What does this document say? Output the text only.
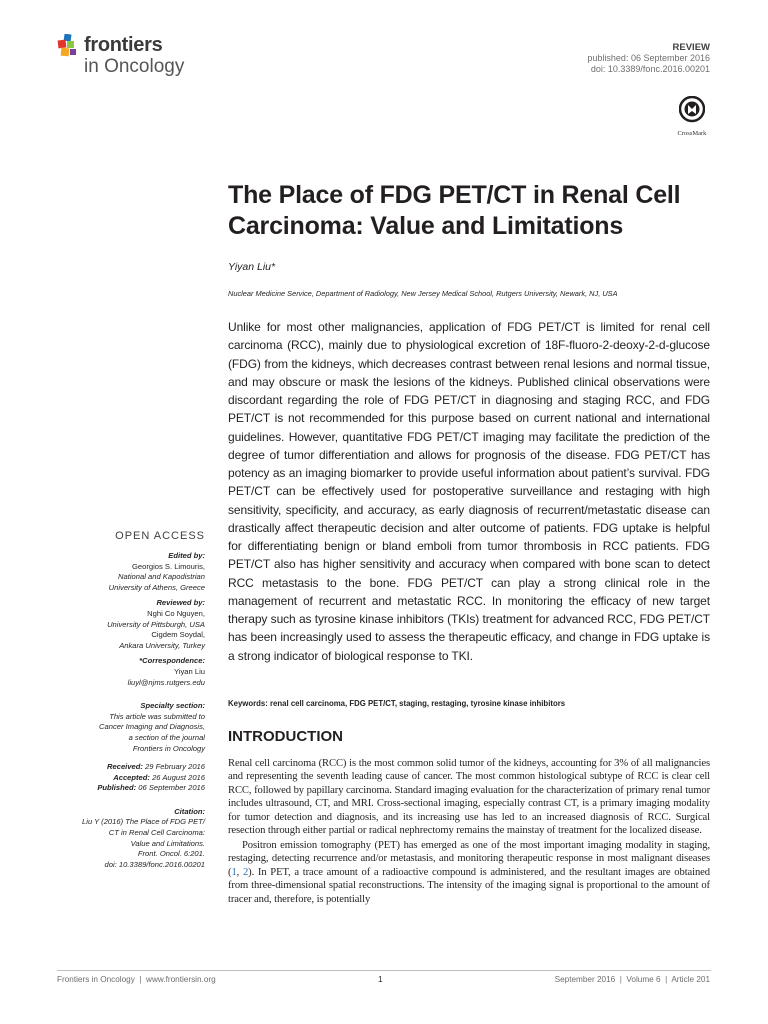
frontiers
in Oncology
REVIEW
published: 06 September 2016
doi: 10.3389/fonc.2016.00201
CrossMark
The Place of FDG PET/CT in Renal Cell Carcinoma: Value and Limitations
Yiyan Liu*
Nuclear Medicine Service, Department of Radiology, New Jersey Medical School, Rutgers University, Newark, NJ, USA
Unlike for most other malignancies, application of FDG PET/CT is limited for renal cell carcinoma (RCC), mainly due to physiological excretion of 18F-fluoro-2-deoxy-2-d-glucose (FDG) from the kidneys, which decreases contrast between renal lesions and normal tissue, and may obscure or mask the lesions of the kidneys. Published clinical observations were discordant regarding the role of FDG PET/CT in diagnosing and staging RCC, and FDG PET/CT is not recommended for this purpose based on current national and international guidelines. However, quantitative FDG PET/CT imaging may facilitate the prediction of the degree of tumor differentiation and allows for prognosis of the disease. FDG PET/CT has potency as an imaging biomarker to provide useful information about patient’s survival. FDG PET/CT can be effectively used for postoperative surveillance and restaging with high sensitivity, specificity, and accuracy, as early diagnosis of recurrent/metastatic disease can drastically affect therapeutic decision and alter outcome of patients. FDG uptake is helpful for differentiating benign or bland emboli from tumor thrombosis in RCC patients. FDG PET/CT also has higher sensitivity and accuracy when compared with bone scan to detect RCC metastasis to the bone. FDG PET/CT can play a strong clinical role in the management of recurrent and metastatic RCC. In monitoring the efficacy of new target therapy such as tyrosine kinase inhibitors (TKIs) treatment for advanced RCC, FDG PET/CT has been increasingly used to assess the therapeutic efficacy, and change in FDG uptake is a strong indicator of biological response to TKI.
Keywords: renal cell carcinoma, FDG PET/CT, staging, restaging, tyrosine kinase inhibitors
INTRODUCTION

Renal cell carcinoma (RCC) is the most common solid tumor of the kidneys, accounting for 3% of all malignancies and representing the seventh leading cause of cancer. The most common histological subtype of RCC is clear cell RCC, followed by papillary carcinoma. Standard imaging evaluation for the characterization of primary renal tumor includes ultrasound, CT, and MRI. Cross-sectional imaging, especially contrast CT, is a primary imaging modality for tumor detection and diagnosis, and its increasing use has led to an increased diagnosis of RCC. Surgical resection through either partial or radical nephrectomy remains the mainstay of treatment for the localized disease.

Positron emission tomography (PET) has emerged as one of the most important imaging modality in staging, restaging, detecting recurrence and/or metastasis, and monitoring therapeutic response in most malignant diseases (1, 2). In PET, a trace amount of a radioactive compound is administered, and the resultant images are obtained from three-dimensional spatial reconstructions. The intensity of the imaging signal is proportional to the amount of tracer and, therefore, is potentially

OPEN ACCESS
Edited by:
Georgios S. Limouris,
National and Kapodistrian
University of Athens, Greece
Reviewed by:
Nghi Co Nguyen,
University of Pittsburgh, USA
Cigdem Soydal,
Ankara University, Turkey
*Correspondence:
Yiyan Liu
liuyl@njms.rutgers.edu
Specialty section:
This article was submitted to
Cancer Imaging and Diagnosis,
a section of the journal
Frontiers in Oncology
Received: 29 February 2016
Accepted: 26 August 2016
Published: 06 September 2016
Citation:
Liu Y (2016) The Place of FDG PET/
CT in Renal Cell Carcinoma:
Value and Limitations.
Front. Oncol. 6:201.
doi: 10.3389/fonc.2016.00201
Frontiers in Oncology  |  www.frontiersin.org	1	September 2016  |  Volume 6  |  Article 201
